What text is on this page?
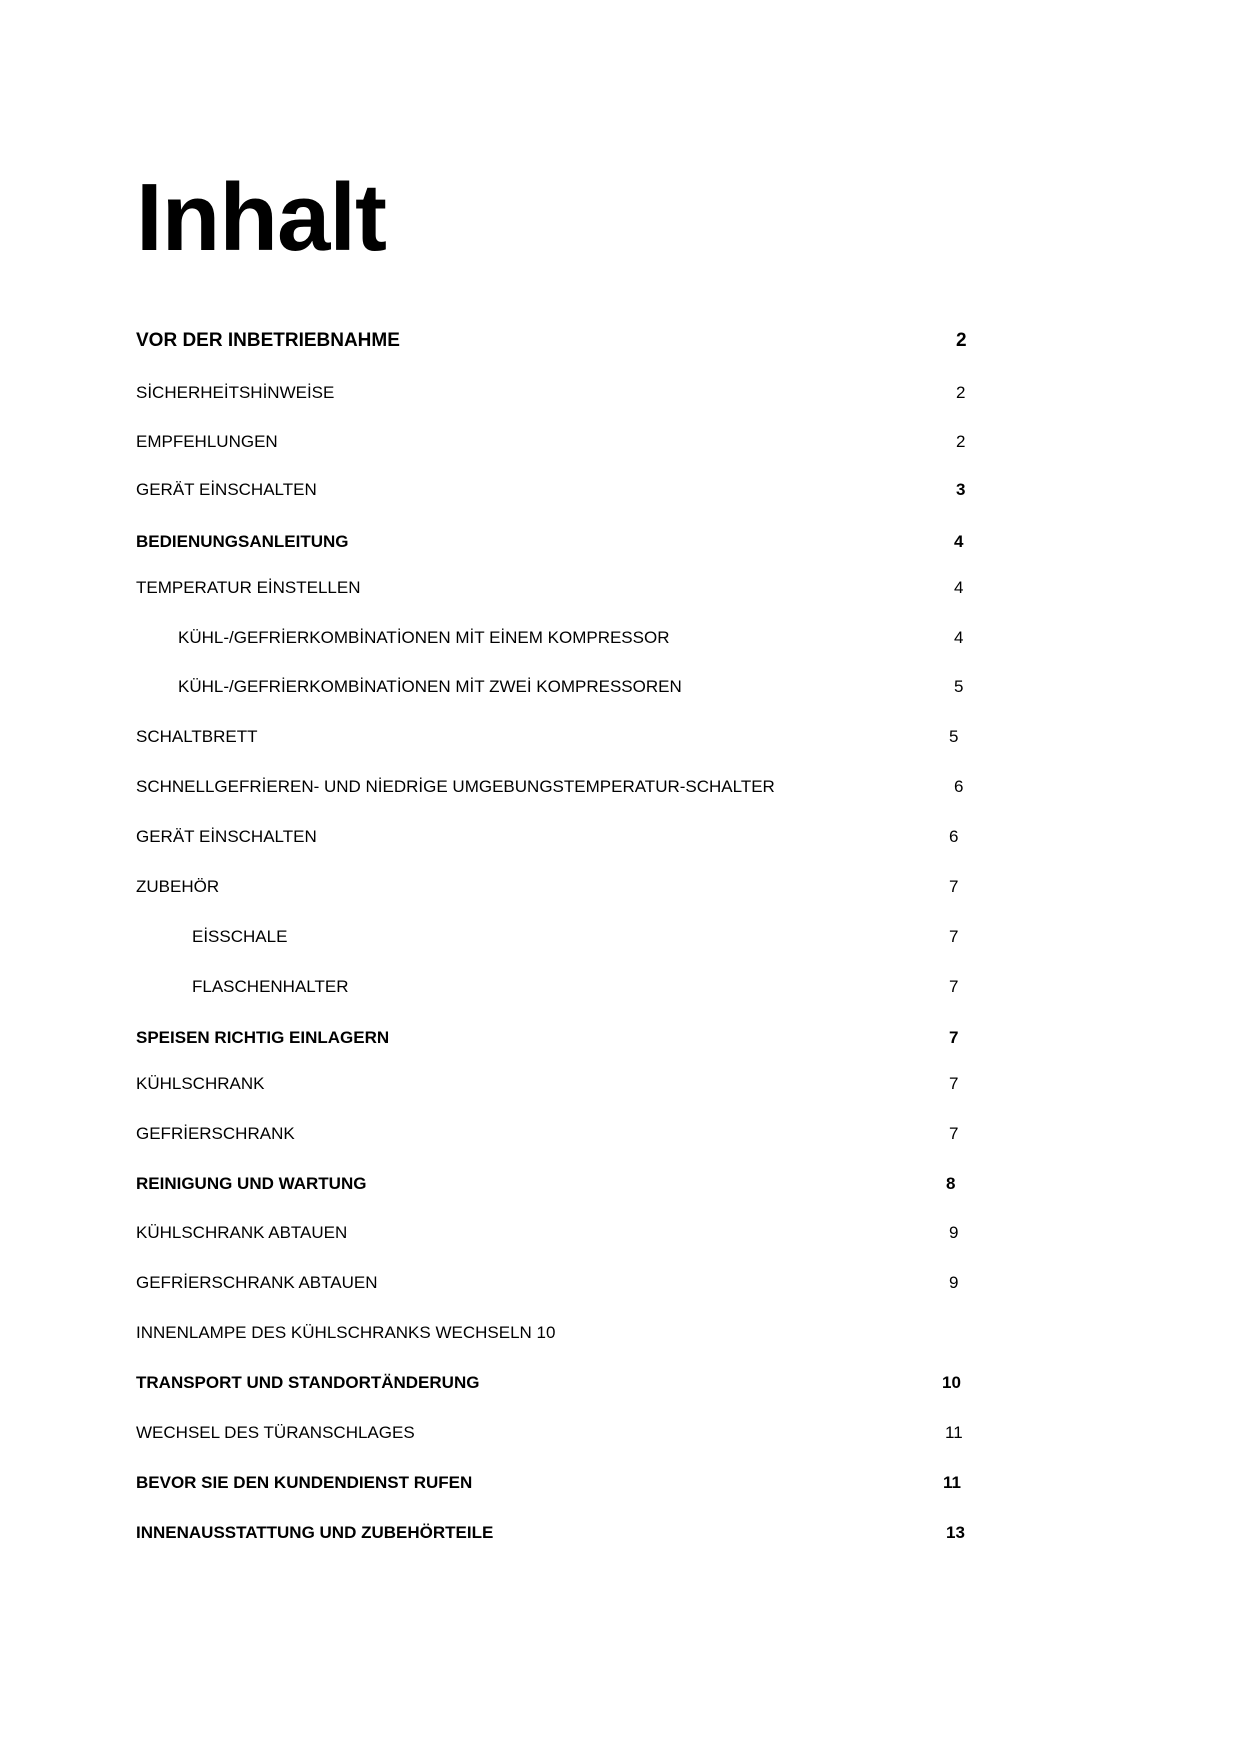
Inhalt
VOR DER INBETRIEBNAHME	2
SİCHERHEİTSHİNWEİSE	2
EMPFEHLUNGEN	2
GERÄT EİNSCHALTEN	3
BEDIENUNGSANLEITUNG	4
TEMPERATUR EİNSTELLEN	4
KÜHL-/GEFRİERKOMBİNATİONEN MİT EİNEM KOMPRESSOR	4
KÜHL-/GEFRİERKOMBİNATİONEN MİT ZWEİ KOMPRESSOREN	5
SCHALTBRETT	5
SCHNELLGEFRİEREN- UND NİEDRİGE UMGEBUNGSTEMPERATUR-SCHALTER	6
GERÄT EİNSCHALTEN	6
ZUBEHÖR	7
EİSSCHALE	7
FLASCHENHALTER	7
SPEISEN RICHTIG EINLAGERN	7
KÜHLSCHRANK	7
GEFRİERSCHRANK	7
REINIGUNG UND WARTUNG	8
KÜHLSCHRANK ABTAUEN	9
GEFRİERSCHRANK ABTAUEN	9
INNENLAMPE DES KÜHLSCHRANKS WECHSELN 10
TRANSPORT UND STANDORTÄNDERUNG	10
WECHSEL DES TÜRANSCHLAGES	11
BEVOR SIE DEN KUNDENDIENST RUFEN	11
INNENAUSSTATTUNG UND ZUBEHÖRTEILE	13
